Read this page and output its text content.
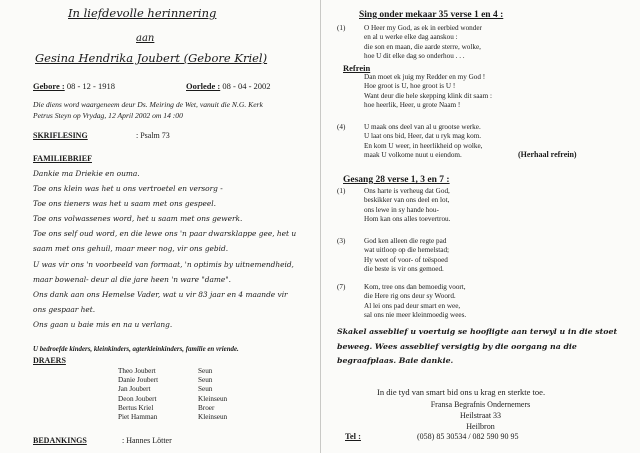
In liefdevolle herinnering
aan
Gesina Hendrika Joubert (Gebore Kriel)
Gebore : 08 - 12 - 1918	Oorlede : 08 - 04 - 2002
Die diens word waargeneem deur Ds. Meiring de Wet, vanuit die N.G. Kerk
Petrus Steyn op Vrydag, 12 April 2002 om 14 :00
SKRIFLESING	: Psalm 73
FAMILIEBRIEF
Dankie ma Driekie en ouma.
Toe ons klein was het u ons vertroetel en versorg -
Toe ons tieners was het u saam met ons gespeel.
Toe ons volwassenes word, het u saam met ons gewerk.
Toe ons self oud word, en die lewe ons 'n paar dwarsklappe gee, het u
saam met ons gehuil, maar meer nog, vir ons gebid.
U was vir ons 'n voorbeeld van formaat, 'n optimis by uitnemendheid,
maar bowenal- deur al die jare heen 'n ware "dame".
Ons dank aan ons Hemelse Vader, wat u vir 83 jaar en 4 maande vir
ons gespaar het.
Ons gaan u baie mis en na u verlang.
U bedroefde kinders, kleinkinders, agterkleinkinders, familie en vriende.
DRAERS
Theo Joubert	Seun
Danie Joubert	Seun
Jan Joubert	Seun
Deon Joubert	Kleinseun
Bertus Kriel	Broer
Piet Hamman	Kleinseun
BEDANKINGS	: Hannes Lötter
Sing onder mekaar 35 verse 1 en 4 :
(1)	O Heer my God, as ek in eerbied wonder
en al u werke elke dag aanskou :
die son en maan, die aarde sterre, wolke,
hoe U dit elke dag so onderhou . . .
Refrein
Dan moet ek juig my Redder en my God !
Hoe groot is U, hoe groot is U !
Want deur die hele skepping klink dit saam :
hoe heerlik, Heer, u grote Naam !
(4)	U maak ons deel van al u grootse werke.
U laat ons bid, Heer, dat u ryk mag kom.
En kom U weer, in heerlikheid op wolke,
maak U volkome nuut u eiendom.	(Herhaal refrein)
Gesang 28 verse 1, 3 en 7 :
(1)	Ons harte is verheug dat God,
beskikker van ons deel en lot,
ons lewe in sy hande hou-
Hom kan ons alles toevertrou.
(3)	God ken alleen die regte pad
wat uitloop op die hemelstad;
Hy weet of voor- of teëspoed
die beste is vir ons gemoed.
(7)	Kom, tree ons dan bemoedig voort,
die Here rig ons deur sy Woord.
Al lei ons pad deur smart en wee,
sal ons nie meer kleinmoedig wees.
Skakel asseblief u voertuig se hoofligte aan terwyl u in die stoet
beweeg. Wees asseblief versigtig by die oorgang na die
begraafplaas. Baie dankie.
In die tyd van smart bid ons u krag en sterkte toe.
Fransa Begrafnis Ondernemers
Heilstraat 33
Heilbron
Tel :	(058) 85 30534 / 082 590 90 95
